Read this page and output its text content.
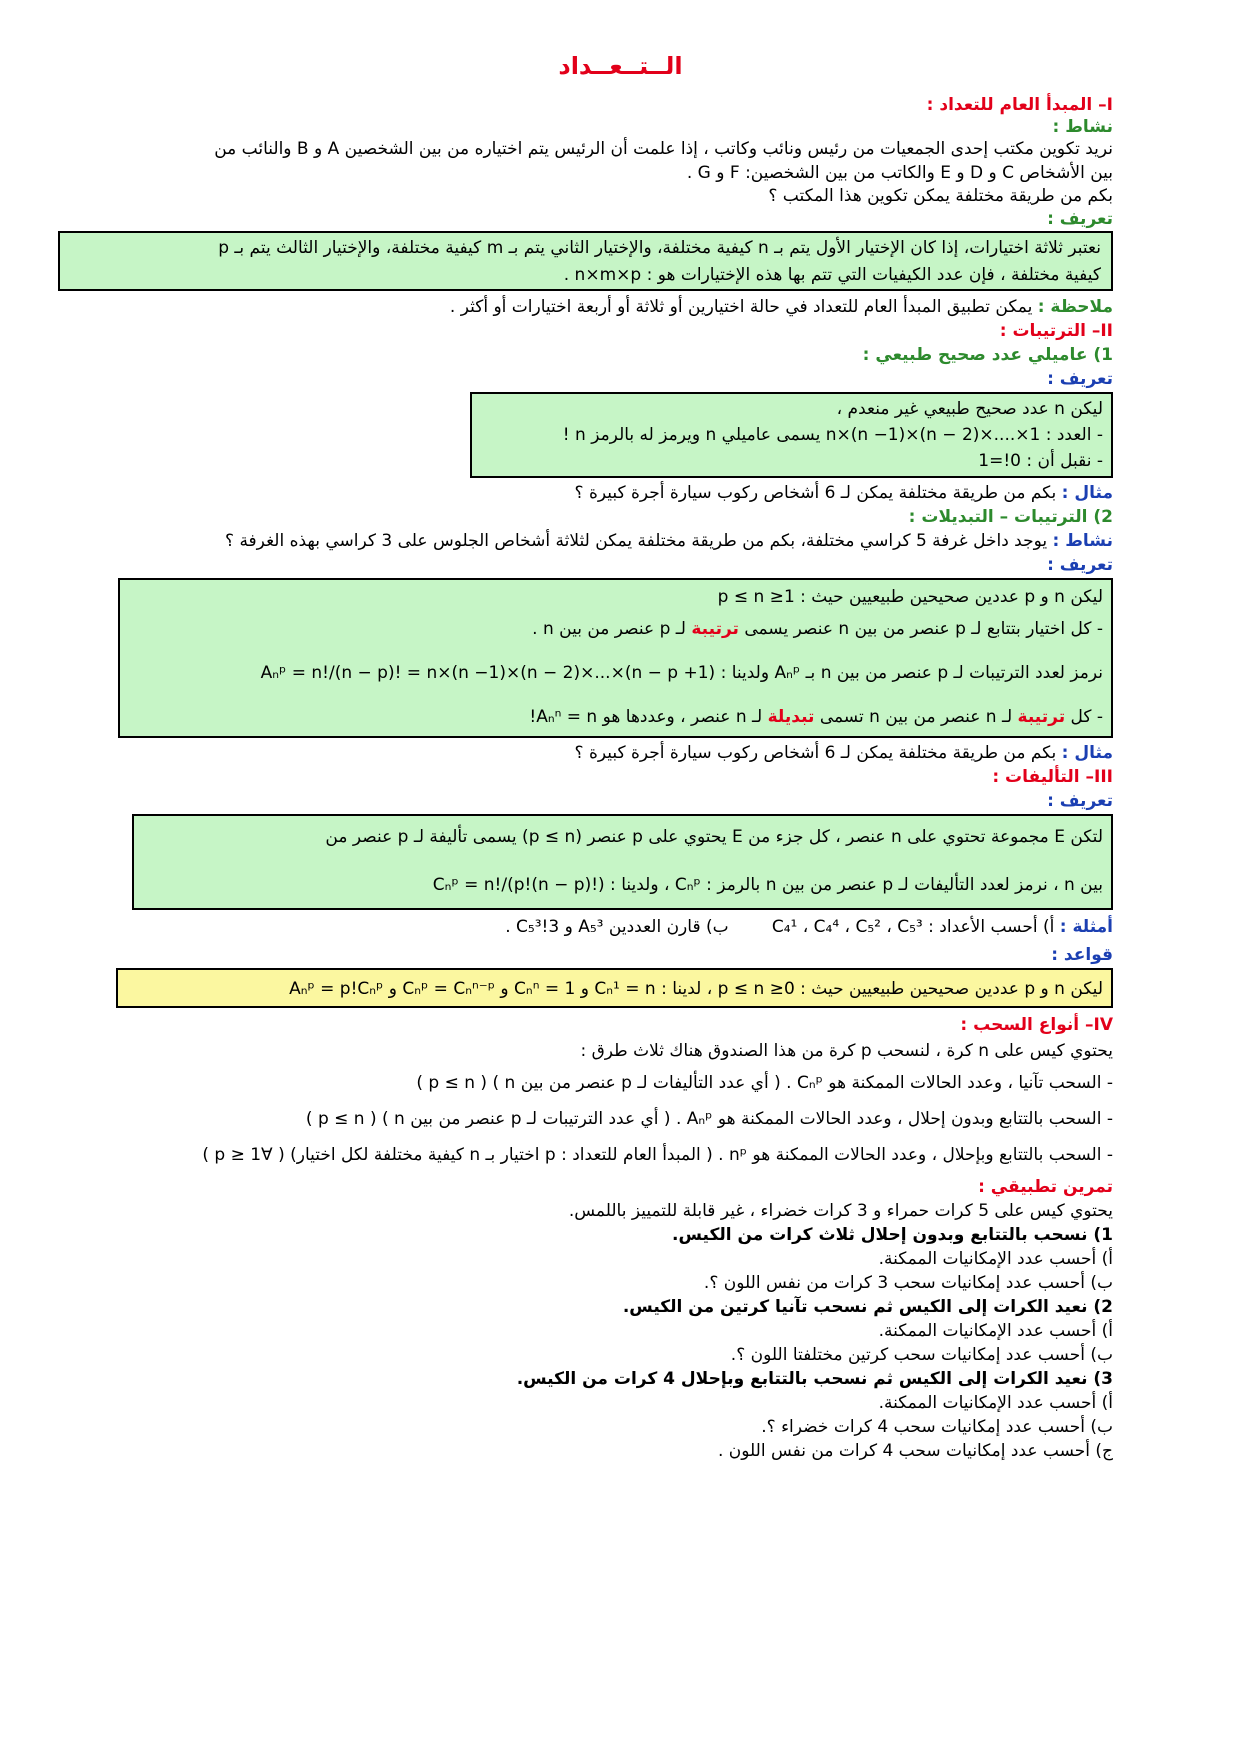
الــتــعــداد
I– المبدأ العام للتعداد :
نشاط :
نريد تكوين مكتب إحدى الجمعيات من رئيس ونائب وكاتب ، إذا علمت أن الرئيس يتم اختياره من بين الشخصين A و B والنائب من
بين الأشخاص C و D و E والكاتب من بين الشخصين: F و G .
بكم من طريقة مختلفة يمكن تكوين هذا المكتب ؟
تعريف :
نعتبر ثلاثة اختيارات، إذا كان الإختيار الأول يتم بـ n كيفية مختلفة، والإختيار الثاني يتم بـ m كيفية مختلفة، والإختيار الثالث يتم بـ p
كيفية مختلفة ، فإن عدد الكيفيات التي تتم بها هذه الإختيارات هو : n×m×p .
ملاحظة : يمكن تطبيق المبدأ العام للتعداد في حالة اختيارين أو ثلاثة أو أربعة اختيارات أو أكثر .
II– الترتيبات :
1) عاميلي عدد صحيح طبيعي :
تعريف :
ليكن n عدد صحيح طبيعي غير منعدم ،
- العدد : n×(n −1)×(n − 2)×....×1 يسمى عاميلي n ويرمز له بالرمز n !
- نقبل أن : 0!=1
مثال : بكم من طريقة مختلفة يمكن لـ 6 أشخاص ركوب سيارة أجرة كبيرة ؟
2) الترتيبات – التبديلات :
نشاط : يوجد داخل غرفة 5 كراسي مختلفة، بكم من طريقة مختلفة يمكن لثلاثة أشخاص الجلوس على 3 كراسي بهذه الغرفة ؟
تعريف :
ليكن n و p عددين صحيحين طبيعيين حيث : 1≤ p ≤ n
- كل اختيار بتتابع لـ p عنصر من بين n عنصر يسمى ترتيبة لـ p عنصر من بين n .
نرمز لعدد الترتيبات لـ p عنصر من بين n بـ Aₙᵖ ولدينا : Aₙᵖ = n!/(n − p)! = n×(n −1)×(n − 2)×...×(n − p +1)
- كل ترتيبة لـ n عنصر من بين n تسمى تبديلة لـ n عنصر ، وعددها هو Aₙⁿ = n!
مثال : بكم من طريقة مختلفة يمكن لـ 6 أشخاص ركوب سيارة أجرة كبيرة ؟
III– التأليفات :
تعريف :
لتكن E مجموعة تحتوي على n عنصر ، كل جزء من E يحتوي على p عنصر (p ≤ n) يسمى تأليفة لـ p عنصر من
بين n ، نرمز لعدد التأليفات لـ p عنصر من بين n بالرمز : Cₙᵖ ، ولدينا : Cₙᵖ = n!/(p!(n − p)!)
أمثلة : أ) أحسب الأعداد : C₄¹ ، C₄⁴ ، C₅² ، C₅³        ب) قارن العددين A₅³ و 3!C₅³ .
قواعد :
ليكن n و p عددين صحيحين طبيعيين حيث : 0≤ p ≤ n ، لدينا : Cₙ¹ = n و Cₙⁿ = 1 و Cₙᵖ = Cₙⁿ⁻ᵖ و Aₙᵖ = p!Cₙᵖ
IV– أنواع السحب :
يحتوي كيس على n كرة ، لنسحب p كرة من هذا الصندوق هناك ثلاث طرق :
- السحب تآنيا ، وعدد الحالات الممكنة هو Cₙᵖ . ( أي عدد التأليفات لـ p عنصر من بين n ) ( p ≤ n )
- السحب بالتتابع وبدون إحلال ، وعدد الحالات الممكنة هو Aₙᵖ . ( أي عدد الترتيبات لـ p عنصر من بين n ) ( p ≤ n )
- السحب بالتتابع وبإحلال ، وعدد الحالات الممكنة هو nᵖ . ( المبدأ العام للتعداد : p اختيار بـ n كيفية مختلفة لكل اختيار) ( ∀p ≥ 1 )
تمرين تطبيقي :
يحتوي كيس على 5 كرات حمراء و 3 كرات خضراء ، غير قابلة للتمييز باللمس.
1) نسحب بالتتابع وبدون إحلال ثلاث كرات من الكيس.
أ) أحسب عدد الإمكانيات الممكنة.
ب) أحسب عدد إمكانيات سحب 3 كرات من نفس اللون ؟.
2) نعيد الكرات إلى الكيس ثم نسحب تآنيا كرتين من الكيس.
أ) أحسب عدد الإمكانيات الممكنة.
ب) أحسب عدد إمكانيات سحب كرتين مختلفتا اللون ؟.
3) نعيد الكرات إلى الكيس ثم نسحب بالتتابع وبإحلال 4 كرات من الكيس.
أ) أحسب عدد الإمكانيات الممكنة.
ب) أحسب عدد إمكانيات سحب 4 كرات خضراء ؟.
ج) أحسب عدد إمكانيات سحب 4 كرات من نفس اللون .
